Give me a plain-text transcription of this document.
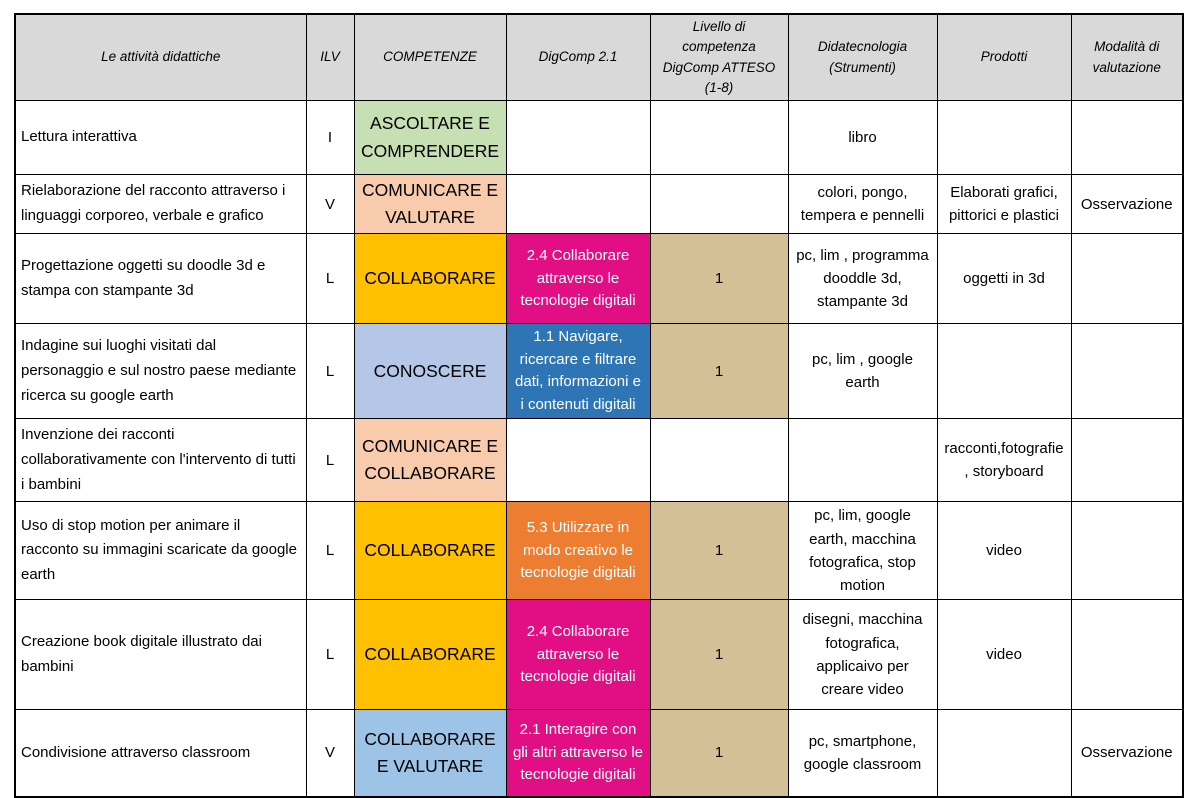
Le attività didattiche	ILV	COMPETENZE	DigComp 2.1	Livello di competenza DigComp ATTESO (1-8)	Didatecnologia (Strumenti)	Prodotti	Modalità di valutazione
Lettura interattiva	I	ASCOLTARE E COMPRENDERE			libro		
Rielaborazione del racconto attraverso i linguaggi corporeo, verbale e grafico	V	COMUNICARE E VALUTARE			colori, pongo, tempera e pennelli	Elaborati grafici, pittorici e plastici	Osservazione
Progettazione oggetti su doodle 3d e stampa con stampante 3d	L	COLLABORARE	2.4 Collaborare attraverso le tecnologie digitali	1	pc, lim , programma dooddle 3d, stampante 3d	oggetti in 3d	
Indagine sui luoghi visitati dal personaggio e sul nostro paese mediante ricerca su google earth	L	CONOSCERE	1.1 Navigare, ricercare e filtrare dati, informazioni e i contenuti digitali	1	pc, lim , google earth		
Invenzione dei racconti collaborativamente con l'intervento di tutti i bambini	L	COMUNICARE E COLLABORARE				racconti,fotografie, storyboard	
Uso di stop motion per animare il racconto su immagini scaricate da google earth	L	COLLABORARE	5.3 Utilizzare in modo creativo le tecnologie digitali	1	pc, lim, google earth, macchina fotografica, stop motion	video	
Creazione book digitale illustrato dai bambini	L	COLLABORARE	2.4 Collaborare attraverso le tecnologie digitali	1	disegni, macchina fotografica, applicaivo per creare video	video	
Condivisione attraverso classroom	V	COLLABORARE E VALUTARE	2.1 Interagire con gli altri attraverso le tecnologie digitali	1	pc, smartphone, google classroom		Osservazione
